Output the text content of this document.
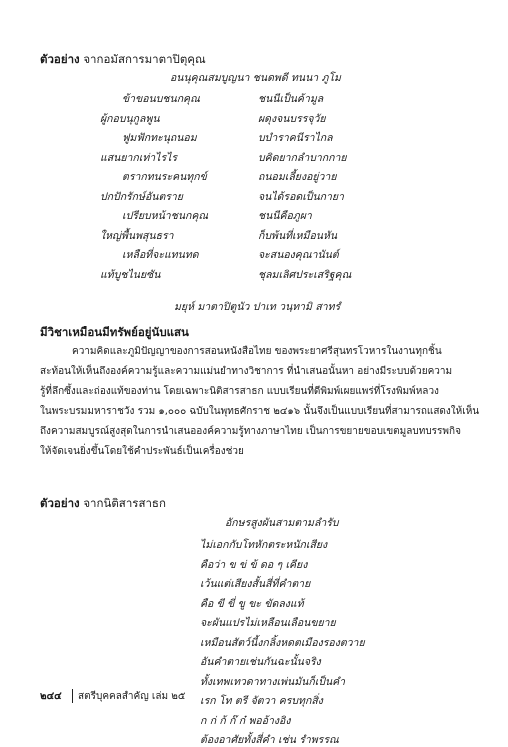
ตัวอย่าง จากอมัสการมาตาปิตุคุณ
อนนุคุณสมบูญนา ชนดพดี ทนนา ภูโม
ข้าขอนบชนกคุณ	ชนนีเป็นค้ามูล
ผู้กอบนุกูลพูน	ผดุงจนบรรจุวัย
ฟูมฟักทะนุถนอม	บบำราคนีราไกล
แสนยากเท่าไรไร	บคิดยากลำบากกาย
ตรากทนระคนทุกข์	ถนอมเลี้ยงอยู่วาย
ปกปักรักษ์อันตราย	จนได้รอดเป็นกายา
เปรียบหน้าชนกคุณ	ชนนีคือภูผา
ใหญ่พื้นพสุนธรา	ก็บพ้นที่เหมือนหัน
เหลือที่จะแทนทด	จะสนองคุณานันต์
แท้บูชไนยซัน	ชุลมเลิศประเสริฐคุณ
มยุห์ มาตาปิตูนัว ปาเท วนฺทามิ สาทรํ
มีวิชาเหมือนมีทรัพย์อยู่นับแสน
ความคิดและภูมิปัญญาของการสอนหนังสือไทย ของพระยาศรีสุนทรโวหารในงานทุกชิ้น
สะท้อนให้เห็นถึงองค์ความรู้และความแม่นยำทางวิชาการ ที่นำเสนอนั้นหา อย่างมีระบบด้วยความ
รู้ที่ลึกซึ้งและถ่องแท้ของท่าน โดยเฉพาะนิติสารสาธก แบบเรียนที่ดีพิมพ์เผยแพร่ที่โรงพิมพ์หลวง
ในพระบรมมหาราชวัง รวม ๑,๐๐๐ ฉบับในพุทธศักราช ๒๔๑๖ นั้นจึงเป็นแบบเรียนที่สามารถแสดงให้เห็น
ถึงความสมบูรณ์สูงสุดในการนำเสนอองค์ความรู้ทางภาษาไทย เป็นการขยายขอบเขตมูลบทบรรพกิจ
ให้จัดเจนยิ่งขึ้นโดยใช้คำประพันธ์เป็นเครื่องช่วย
ตัวอย่าง จากนิติสารสาธก
อักษรสูงผันสามตามลำรับ
ไม่เอกกับโทหักตระหนักเสียง
คือว่า ข ข่ ข้ ดอ ๆ เคียง
เว้นแต่เสียงสั้นสี่ที่คำตาย
คือ ขี ขี่ ขู ขะ ขัดลงแท้
จะผันแปรไม่เหลือนเลือนขยาย
เหมือนสัตว์นี้งกลิ้งหดตเมืองรองตวาย
อันคำตายเช่นกันฉะนั้นจริง
ทั้งเทพเทวดาทางเพ่นมันก็เป็นคำ
เรก โท ตรี จัตวา ครบทุกสิ่ง
ก ก่ ก้ ก๊ ก๋ พออ้างอิง
ต้องอาศัยทั้งสี่คำ เช่น รำพรรณ
๒๔๔ สตรีบุคคลสำคัญ เล่ม ๒๕
